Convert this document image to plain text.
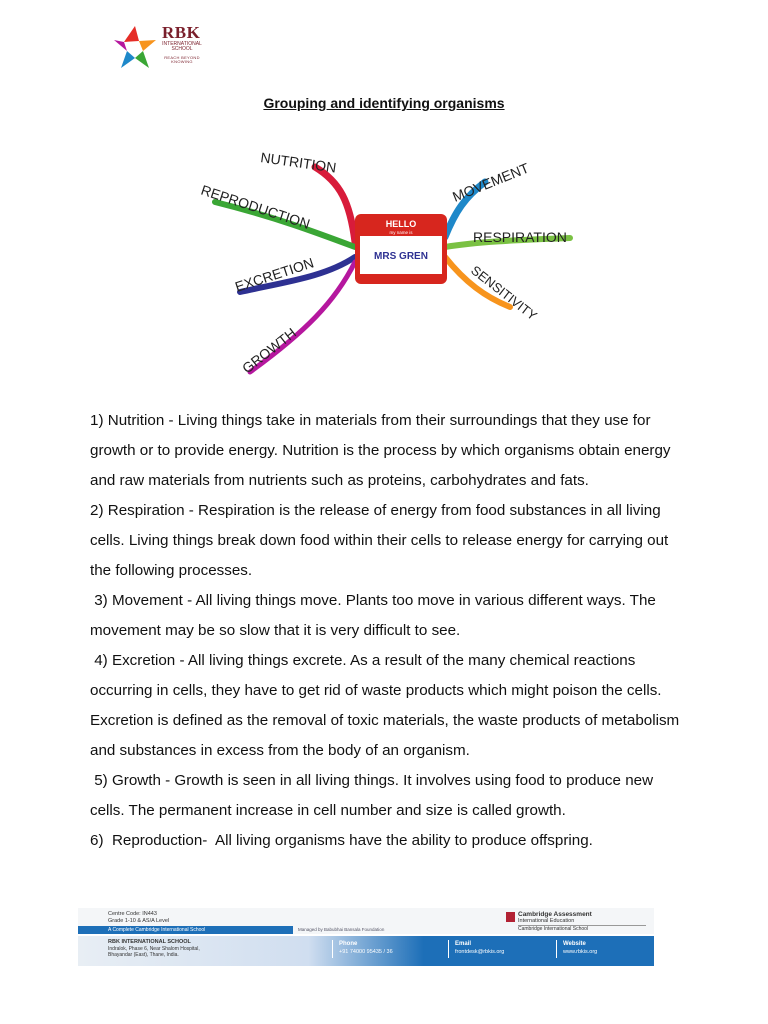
RBK
INTERNATIONAL SCHOOL
REACH BEYOND KNOWING
Grouping and identifying organisms
HELLO
my name is
MRS GREN
NUTRITION
REPRODUCTION
EXCRETION
GROWTH
MOVEMENT
RESPIRATION
SENSITIVITY

1) Nutrition - Living things take in materials from their surroundings that they use for growth or to provide energy. Nutrition is the process by which organisms obtain energy and raw materials from nutrients such as proteins, carbohydrates and fats.

2) Respiration - Respiration is the release of energy from food substances in all living cells. Living things break down food within their cells to release energy for carrying out the following processes.

3) Movement - All living things move. Plants too move in various different ways. The movement may be so slow that it is very difficult to see.

4) Excretion - All living things excrete. As a result of the many chemical reactions occurring in cells, they have to get rid of waste products which might poison the cells. Excretion is defined as the removal of toxic materials, the waste products of metabolism and substances in excess from the body of an organism.

5) Growth - Growth is seen in all living things. It involves using food to produce new cells. The permanent increase in cell number and size is called growth.

6)  Reproduction-  All living organisms have the ability to produce offspring.

Centre Code: IN443
Grade 1-10 & AS/A Level
A Complete Cambridge International School	Managed by Babubhai Bansala Foundation
Cambridge Assessment
International Education
Cambridge International School
RBK INTERNATIONAL SCHOOL
Indralok, Phase 6, Near Shalom Hospital,
Bhayandar (East), Thane, India.
Phone
+91 74000 95435 / 36
Email
frontdesk@rbkis.org
Website
www.rbkis.org
